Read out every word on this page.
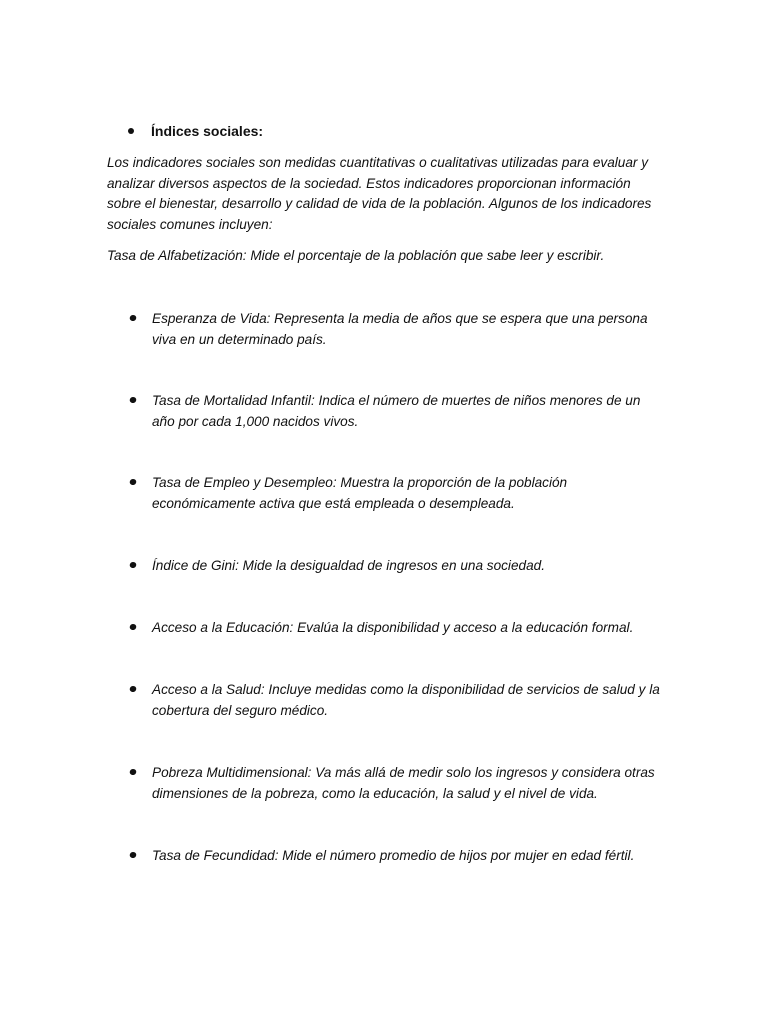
Índices sociales:

Los indicadores sociales son medidas cuantitativas o cualitativas utilizadas para evaluar y analizar diversos aspectos de la sociedad. Estos indicadores proporcionan información sobre el bienestar, desarrollo y calidad de vida de la población. Algunos de los indicadores sociales comunes incluyen:

Tasa de Alfabetización: Mide el porcentaje de la población que sabe leer y escribir.

Esperanza de Vida: Representa la media de años que se espera que una persona viva en un determinado país.
Tasa de Mortalidad Infantil: Indica el número de muertes de niños menores de un año por cada 1,000 nacidos vivos.
Tasa de Empleo y Desempleo: Muestra la proporción de la población económicamente activa que está empleada o desempleada.
Índice de Gini: Mide la desigualdad de ingresos en una sociedad.
Acceso a la Educación: Evalúa la disponibilidad y acceso a la educación formal.
Acceso a la Salud: Incluye medidas como la disponibilidad de servicios de salud y la cobertura del seguro médico.
Pobreza Multidimensional: Va más allá de medir solo los ingresos y considera otras dimensiones de la pobreza, como la educación, la salud y el nivel de vida.
Tasa de Fecundidad: Mide el número promedio de hijos por mujer en edad fértil.
